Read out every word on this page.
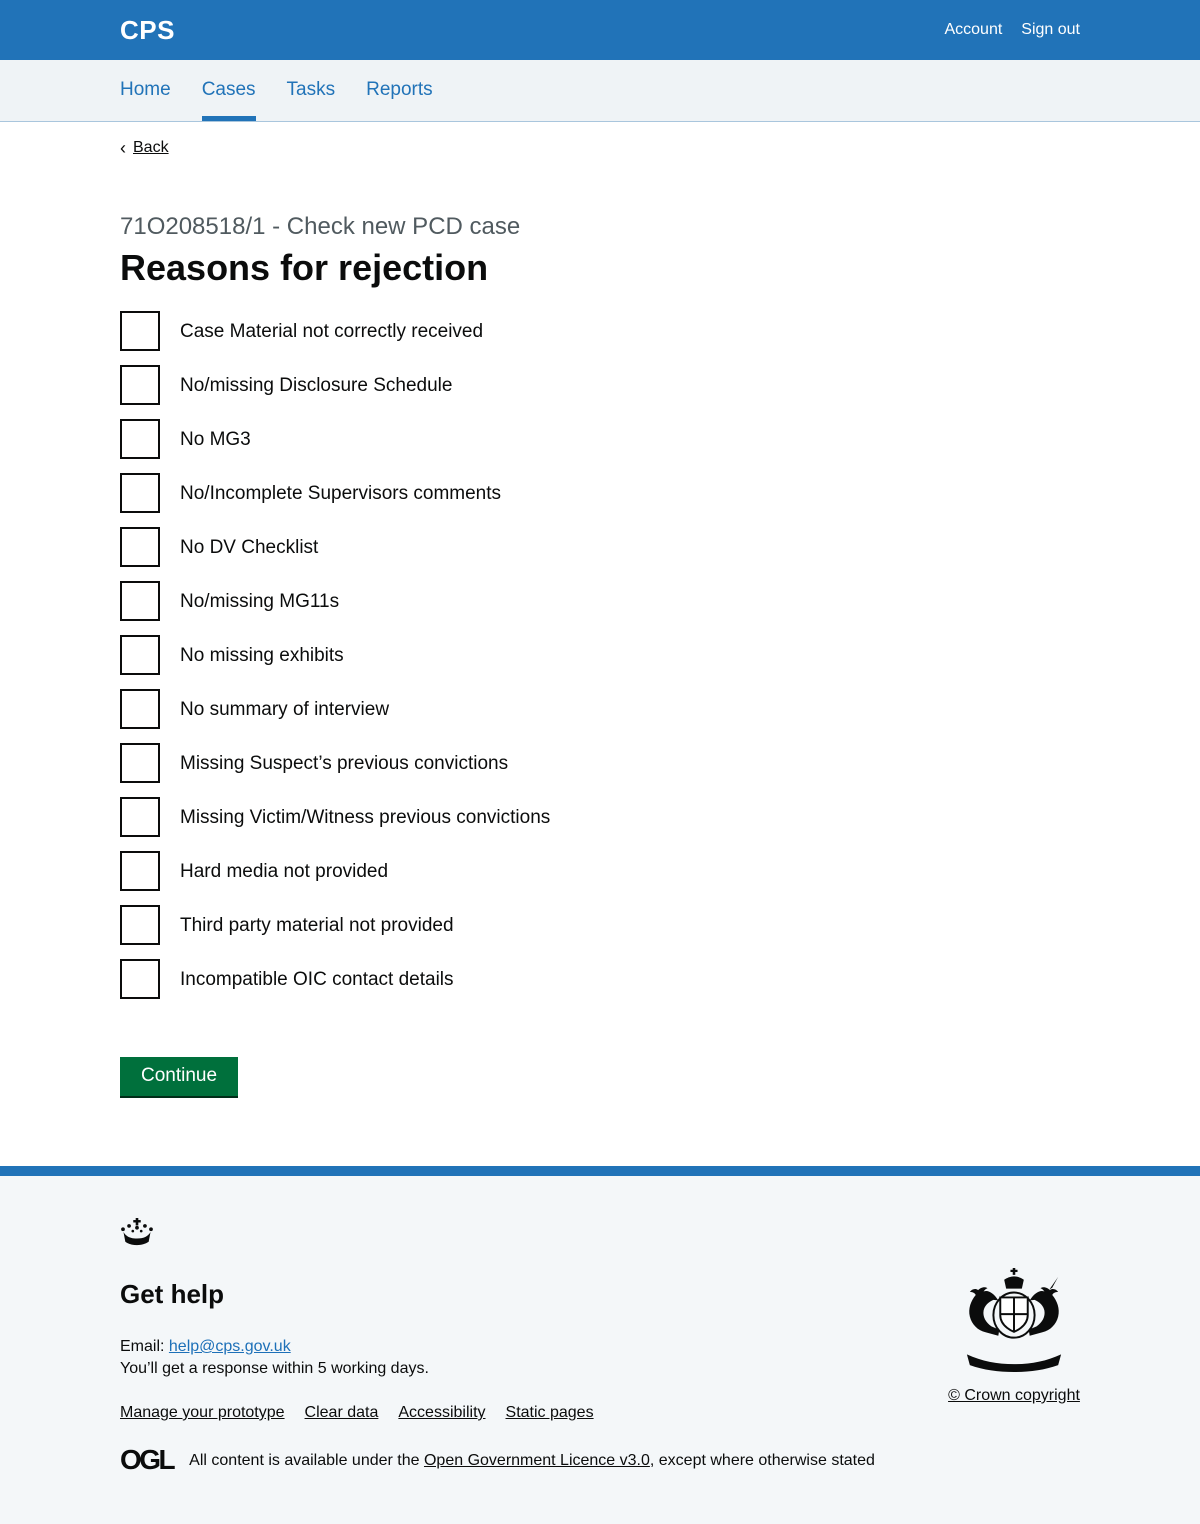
CPS	Account Sign out
Home Cases Tasks Reports
‹ Back

71O208518/1 - Check new PCD case

Reasons for rejection
Case Material not correctly received
No/missing Disclosure Schedule
No MG3
No/Incomplete Supervisors comments
No DV Checklist
No/missing MG11s
No missing exhibits
No summary of interview
Missing Suspect’s previous convictions
Missing Victim/Witness previous convictions
Hard media not provided
Third party material not provided
Incompatible OIC contact details
Continue
Get help

Email: help@cps.gov.uk

You’ll get a response within 5 working days.

Manage your prototype Clear data Accessibility Static pages
OGL All content is available under the Open Government Licence v3.0, except where otherwise stated

© Crown copyright
